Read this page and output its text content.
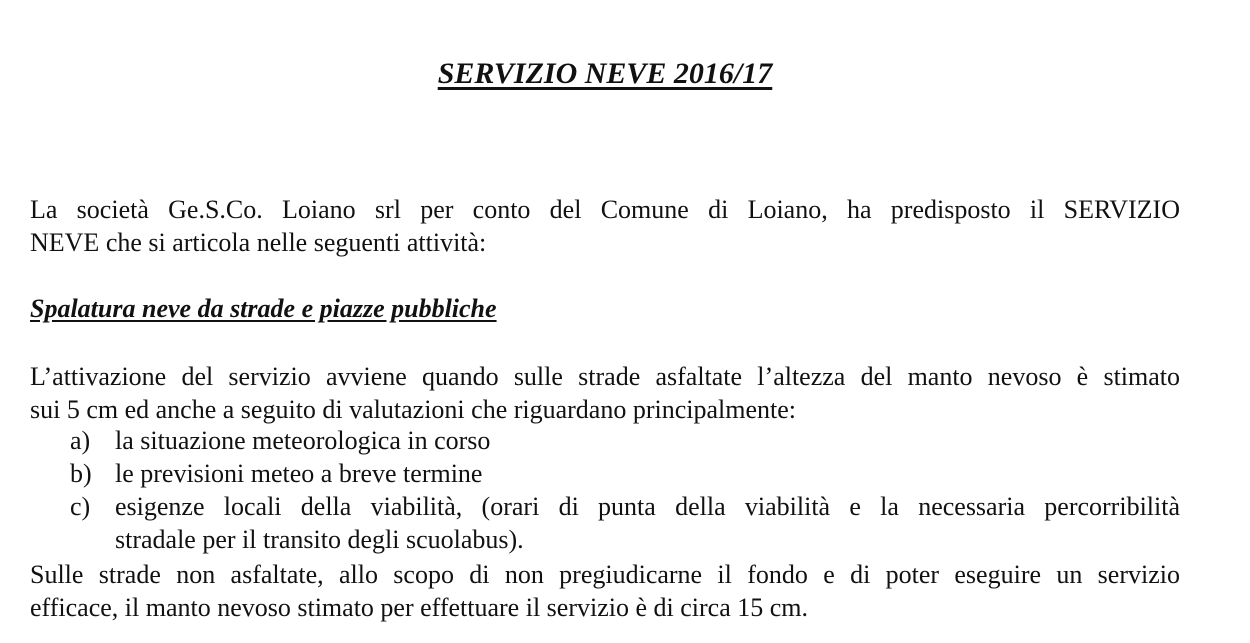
SERVIZIO NEVE 2016/17

La società Ge.S.Co. Loiano srl per conto del Comune di Loiano, ha predisposto il SERVIZIO
NEVE che si articola nelle seguenti attività:

Spalatura neve da strade e piazze pubbliche

L’attivazione del servizio avviene quando sulle strade asfaltate l’altezza del manto nevoso è stimato
sui 5 cm ed anche a seguito di valutazioni che riguardano principalmente:

a) la situazione meteorologica in corso
b) le previsioni meteo a breve termine
c) esigenze locali della viabilità, (orari di punta della viabilità e la necessaria percorribilità
stradale per il transito degli scuolabus).

Sulle strade non asfaltate, allo scopo di non pregiudicarne il fondo e di poter eseguire un servizio
efficace, il manto nevoso stimato per effettuare il servizio è di circa 15 cm.
